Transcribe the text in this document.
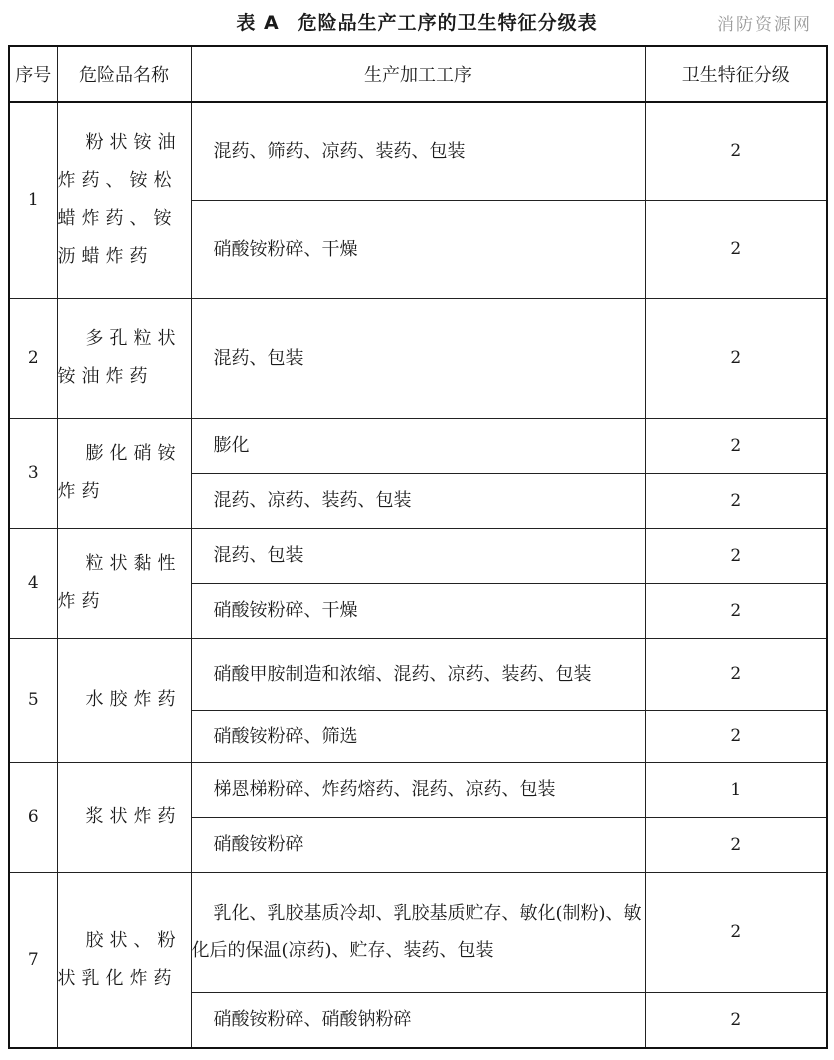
表 A 危险品生产工序的卫生特征分级表	消防资源网
序号	危险品名称	生产加工工序	卫生特征分级
1	粉状铵油炸药、铵松蜡炸药、铵沥蜡炸药	混药、筛药、凉药、装药、包装	2

		硝酸铵粉碎、干燥	2
2	多孔粒状铵油炸药	混药、包装	2
3	膨化硝铵炸药	膨化	2

		混药、凉药、装药、包装	2
4	粒状黏性炸药	混药、包装	2

		硝酸铵粉碎、干燥	2
5	水胶炸药	硝酸甲胺制造和浓缩、混药、凉药、装药、包装	2

		硝酸铵粉碎、筛选	2
6	浆状炸药	梯恩梯粉碎、炸药熔药、混药、凉药、包装	1

		硝酸铵粉碎	2
7	胶状、粉状乳化炸药	乳化、乳胶基质冷却、乳胶基质贮存、敏化(制粉)、敏化后的保温(凉药)、贮存、装药、包装	2

		硝酸铵粉碎、硝酸钠粉碎	2
